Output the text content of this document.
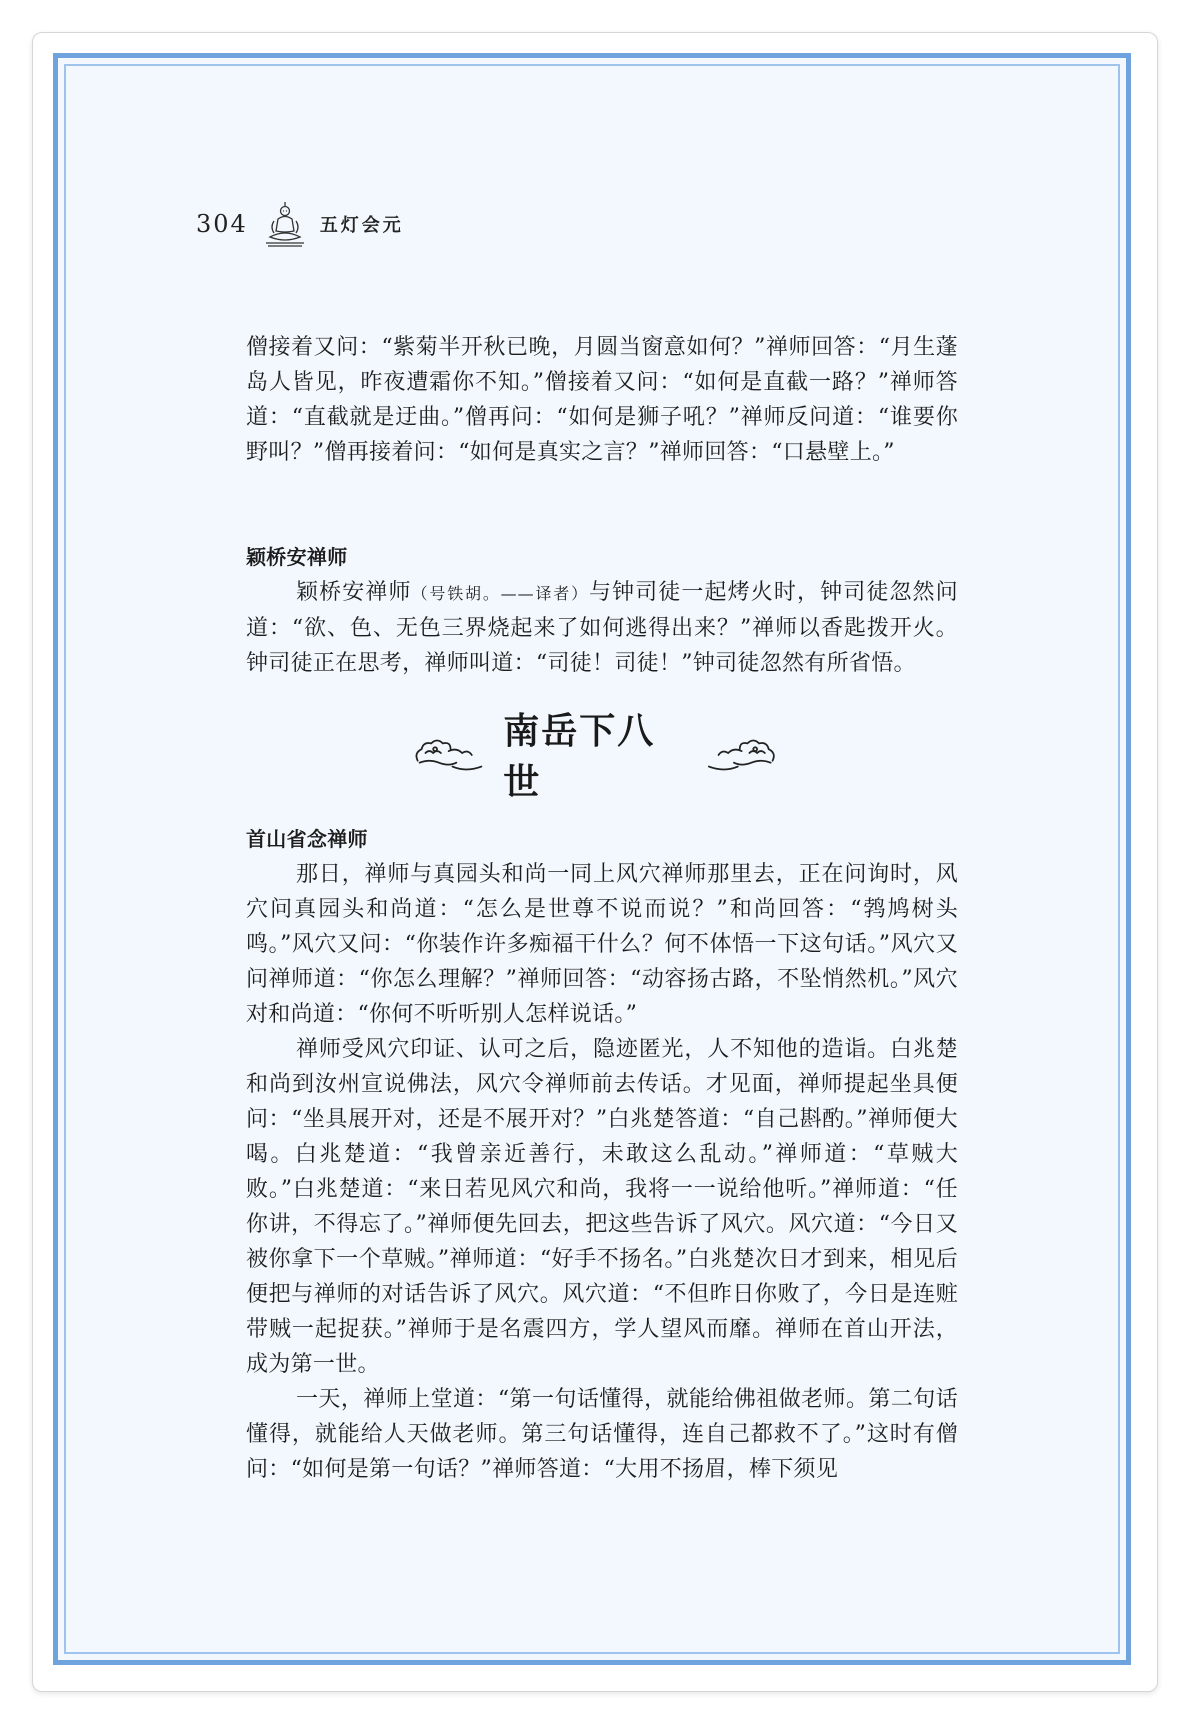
304	五灯会元

僧接着又问：“紫菊半开秋已晚，月圆当窗意如何？”禅师回答：“月生蓬岛人皆见，昨夜遭霜你不知。”僧接着又问：“如何是直截一路？”禅师答道：“直截就是迂曲。”僧再问：“如何是狮子吼？”禅师反问道：“谁要你野叫？”僧再接着问：“如何是真实之言？”禅师回答：“口悬壁上。”

颖桥安禅师

颖桥安禅师（号铁胡。——译者）与钟司徒一起烤火时，钟司徒忽然问道：“欲、色、无色三界烧起来了如何逃得出来？”禅师以香匙拨开火。钟司徒正在思考，禅师叫道：“司徒！司徒！”钟司徒忽然有所省悟。

南岳下八世
首山省念禅师

那日，禅师与真园头和尚一同上风穴禅师那里去，正在问询时，风穴问真园头和尚道：“怎么是世尊不说而说？”和尚回答：“鹁鸠树头鸣。”风穴又问：“你装作许多痴福干什么？何不体悟一下这句话。”风穴又问禅师道：“你怎么理解？”禅师回答：“动容扬古路，不坠悄然机。”风穴对和尚道：“你何不听听别人怎样说话。”

禅师受风穴印证、认可之后，隐迹匿光，人不知他的造诣。白兆楚和尚到汝州宣说佛法，风穴令禅师前去传话。才见面，禅师提起坐具便问：“坐具展开对，还是不展开对？”白兆楚答道：“自己斟酌。”禅师便大喝。白兆楚道：“我曾亲近善行，未敢这么乱动。”禅师道：“草贼大败。”白兆楚道：“来日若见风穴和尚，我将一一说给他听。”禅师道：“任你讲，不得忘了。”禅师便先回去，把这些告诉了风穴。风穴道：“今日又被你拿下一个草贼。”禅师道：“好手不扬名。”白兆楚次日才到来，相见后便把与禅师的对话告诉了风穴。风穴道：“不但昨日你败了，今日是连赃带贼一起捉获。”禅师于是名震四方，学人望风而靡。禅师在首山开法，成为第一世。

一天，禅师上堂道：“第一句话懂得，就能给佛祖做老师。第二句话懂得，就能给人天做老师。第三句话懂得，连自己都救不了。”这时有僧问：“如何是第一句话？”禅师答道：“大用不扬眉，棒下须见
